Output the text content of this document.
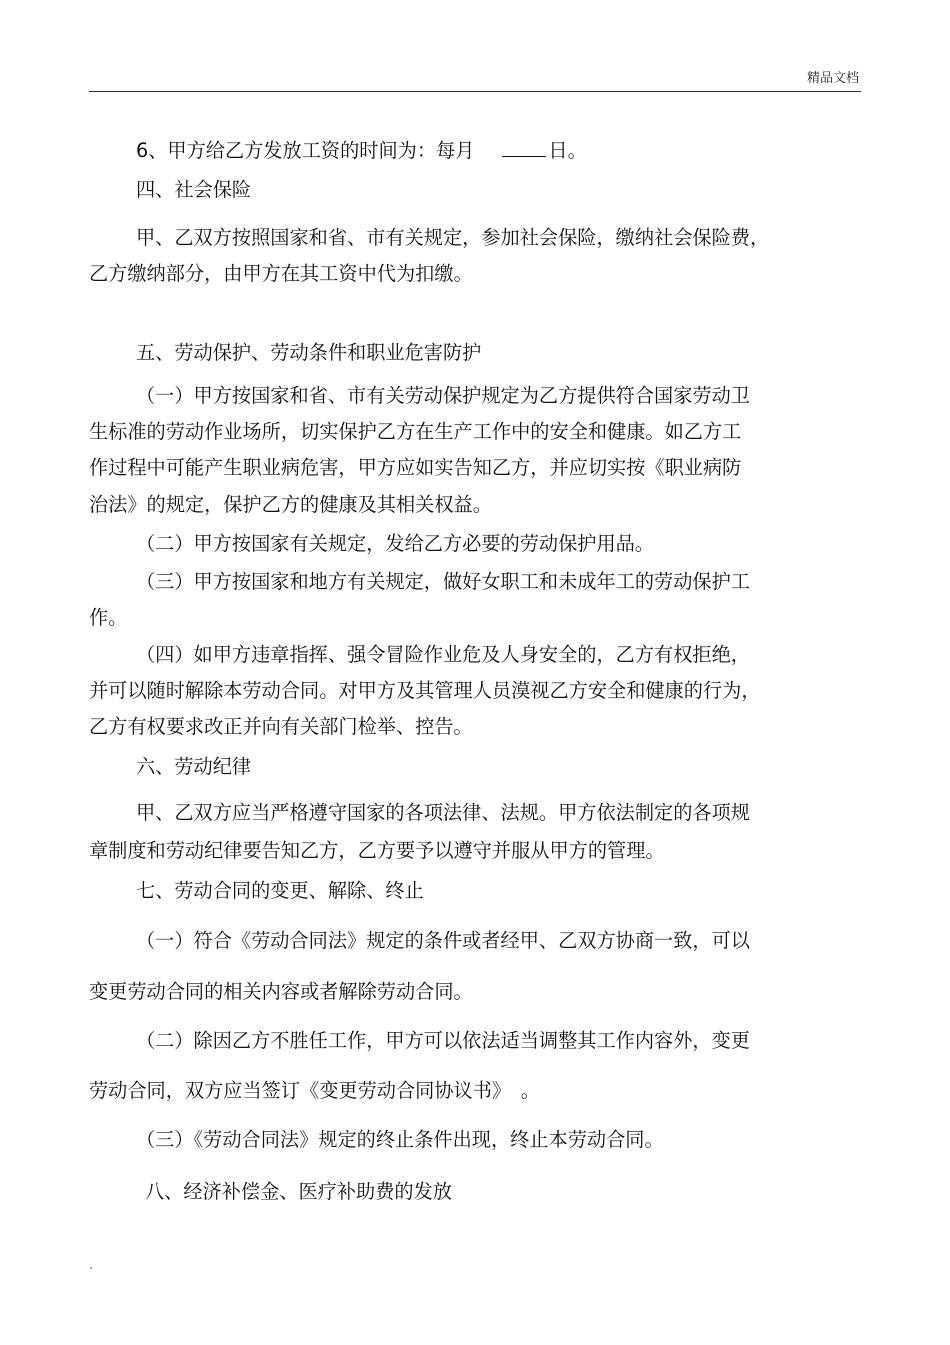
精品文档
6、甲方给乙方发放工资的时间为：每月	日。
四、社会保险
甲、乙双方按照国家和省、市有关规定，参加社会保险，缴纳社会保险费，
乙方缴纳部分，由甲方在其工资中代为扣缴。
五、劳动保护、劳动条件和职业危害防护
（一）甲方按国家和省、市有关劳动保护规定为乙方提供符合国家劳动卫
生标准的劳动作业场所，切实保护乙方在生产工作中的安全和健康。如乙方工
作过程中可能产生职业病危害，甲方应如实告知乙方，并应切实按《职业病防
治法》的规定，保护乙方的健康及其相关权益。
（二）甲方按国家有关规定，发给乙方必要的劳动保护用品。
（三）甲方按国家和地方有关规定，做好女职工和未成年工的劳动保护工
作。
（四）如甲方违章指挥、强令冒险作业危及人身安全的，乙方有权拒绝，
并可以随时解除本劳动合同。对甲方及其管理人员漠视乙方安全和健康的行为，
乙方有权要求改正并向有关部门检举、控告。
六、劳动纪律
甲、乙双方应当严格遵守国家的各项法律、法规。甲方依法制定的各项规
章制度和劳动纪律要告知乙方，乙方要予以遵守并服从甲方的管理。
七、劳动合同的变更、解除、终止
（一）符合《劳动合同法》规定的条件或者经甲、乙双方协商一致，可以
变更劳动合同的相关内容或者解除劳动合同。
（二）除因乙方不胜任工作，甲方可以依法适当调整其工作内容外，变更
劳动合同，双方应当签订《变更劳动合同协议书》　。
（三）《劳动合同法》规定的终止条件出现，终止本劳动合同。
八、经济补偿金、医疗补助费的发放
.
